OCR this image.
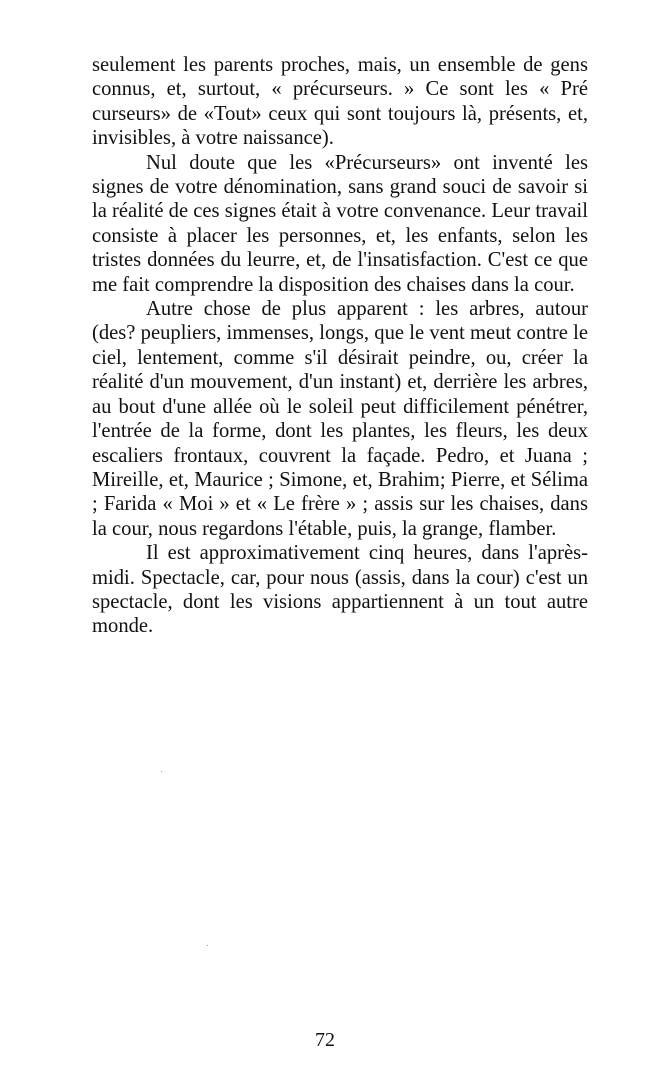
seulement les parents proches, mais, un ensemble de gens connus, et, surtout, « précurseurs. » Ce sont les « Pré curseurs» de «Tout» ceux qui sont toujours là, présents, et, invisibles, à votre naissance).

Nul doute que les «Précurseurs» ont inventé les signes de votre dénomination, sans grand souci de savoir si la réalité de ces signes était à votre convenance. Leur travail consiste à placer les personnes, et, les enfants, selon les tristes données du leurre, et, de l'insatisfaction. C'est ce que me fait comprendre la disposition des chaises dans la cour.

Autre chose de plus apparent : les arbres, autour (des? peupliers, immenses, longs, que le vent meut contre le ciel, lentement, comme s'il désirait peindre, ou, créer la réalité d'un mouvement, d'un instant) et, derrière les arbres, au bout d'une allée où le soleil peut difficilement pénétrer, l'entrée de la forme, dont les plantes, les fleurs, les deux escaliers frontaux, couvrent la façade. Pedro, et Juana ; Mireille, et, Maurice ; Simone, et, Brahim; Pierre, et Sélima ; Farida « Moi » et « Le frère » ; assis sur les chaises, dans la cour, nous regardons l'étable, puis, la grange, flamber.

Il est approximativement cinq heures, dans l'après-midi. Spectacle, car, pour nous (assis, dans la cour) c'est un spectacle, dont les visions appartiennent à un tout autre monde.

72
